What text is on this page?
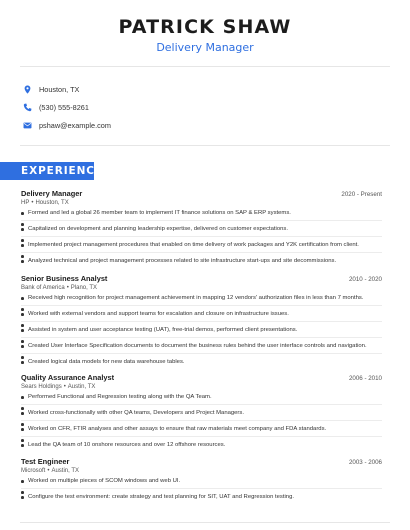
PATRICK SHAW
Delivery Manager
Houston, TX
(530) 555-8261
pshaw@example.com
EXPERIENCE
Delivery Manager	2020 - Present
HP • Houston, TX
Formed and led a global 26 member team to implement IT finance solutions on SAP & ERP systems.
Capitalized on development and planning leadership expertise, delivered on customer expectations.
Implemented project management procedures that enabled on time delivery of work packages and Y2K certification from client.
Analyzed technical and project management processes related to site infrastructure start-ups and site decommissions.
Senior Business Analyst	2010 - 2020
Bank of America • Plano, TX
Received high recognition for project management achievement in mapping 12 vendors' authorization files in less than 7 months.
Worked with external vendors and support teams for escalation and closure on infrastructure issues.
Assisted in system and user acceptance testing (UAT), free-trial demos, performed client presentations.
Created User Interface Specification documents to document the business rules behind the user interface controls and navigation.
Created logical data models for new data warehouse tables.
Quality Assurance Analyst	2006 - 2010
Sears Holdings • Austin, TX
Performed Functional and Regression testing along with the QA Team.
Worked cross-functionally with other QA teams, Developers and Project Managers.
Worked on CFR, FTIR analyses and other assays to ensure that raw materials meet company and FDA standards.
Lead the QA team of 10 onshore resources and over 12 offshore resources.
Test Engineer	2003 - 2006
Microsoft • Austin, TX
Worked on multiple pieces of SCOM windows and web UI.
Configure the test environment: create strategy and test planning for SIT, UAT and Regression testing.
